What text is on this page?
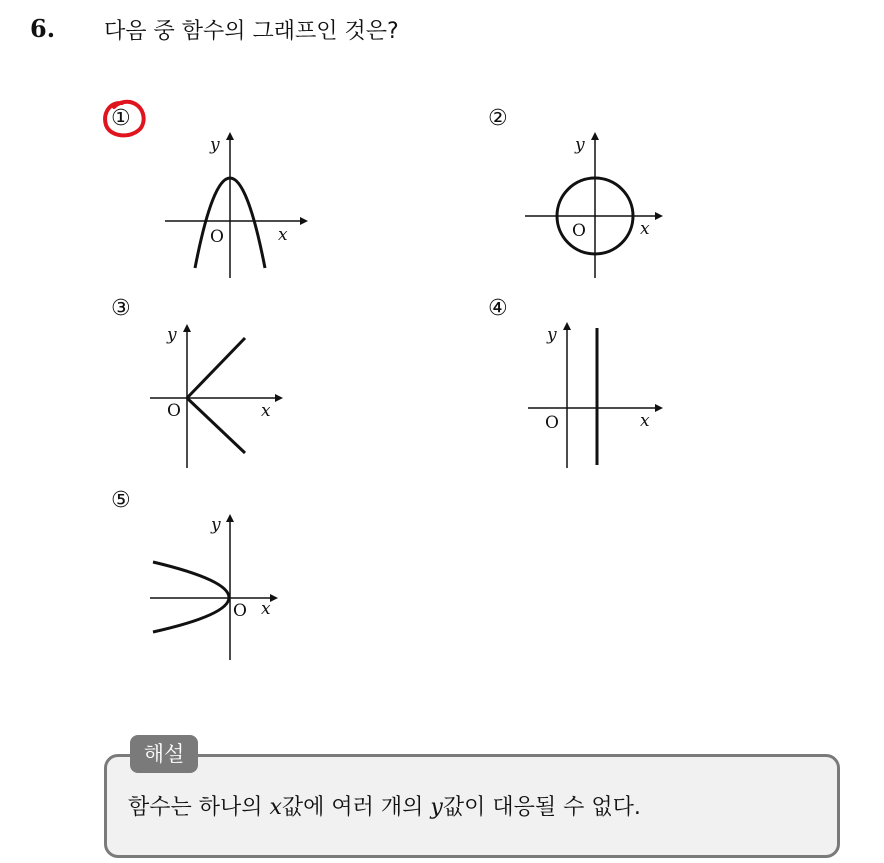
6. 다음 중 함수의 그래프인 것은?
①
y
x
O
②
y
x
O
③
y
x
O
④
y
x
O
⑤
y
x
O
해설
함수는 하나의 x값에 여러 개의 y값이 대응될 수 없다.
